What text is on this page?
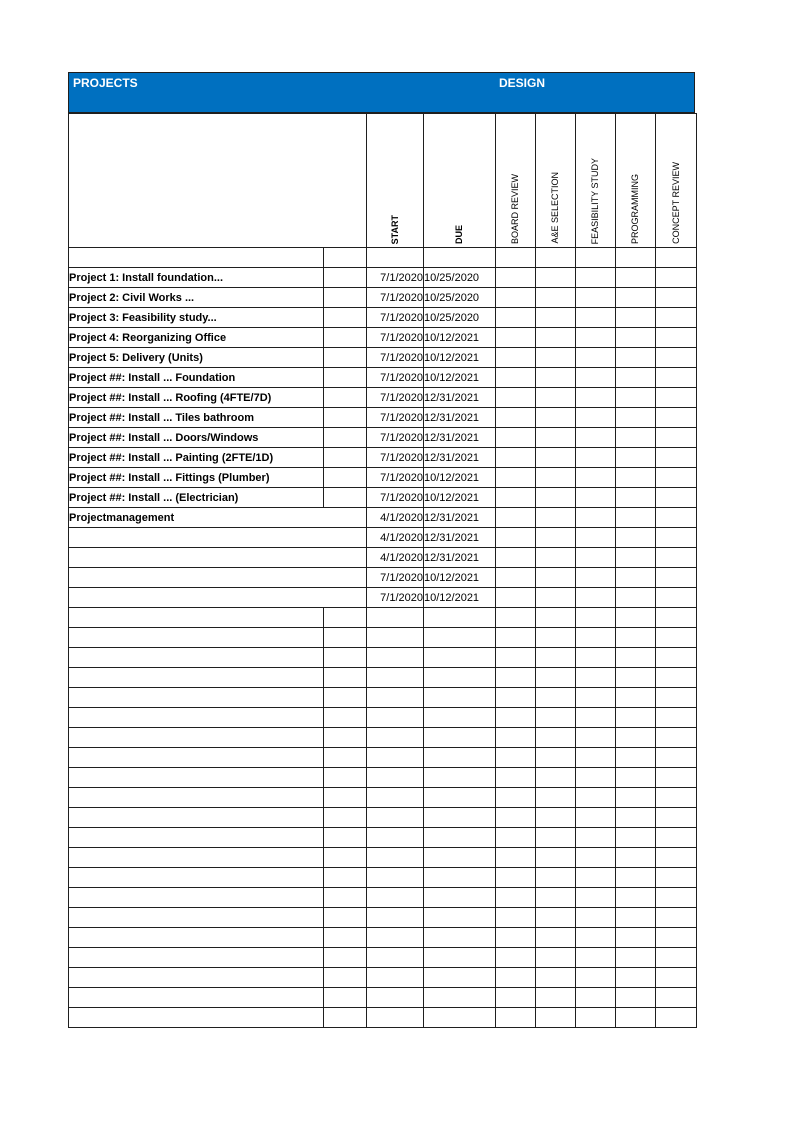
PROJECTS	DESIGN
		START	DUE	BOARD REVIEW	A&E SELECTION	FEASIBILITY STUDY	PROGRAMMING	CONCEPT REVIEW

Project 1: Install foundation...		7/1/2020	10/25/2020					
Project 2: Civil Works ...		7/1/2020	10/25/2020					
Project 3: Feasibility study...		7/1/2020	10/25/2020					
Project 4: Reorganizing Office		7/1/2020	10/12/2021					
Project 5: Delivery (Units)		7/1/2020	10/12/2021					
Project ##: Install ... Foundation		7/1/2020	10/12/2021					
Project ##: Install ... Roofing (4FTE/7D)		7/1/2020	12/31/2021					
Project ##: Install ... Tiles bathroom		7/1/2020	12/31/2021					
Project ##: Install ... Doors/Windows		7/1/2020	12/31/2021					
Project ##: Install ... Painting (2FTE/1D)		7/1/2020	12/31/2021					
Project ##: Install ... Fittings (Plumber)		7/1/2020	10/12/2021					
Project ##: Install ... (Electrician)		7/1/2020	10/12/2021					
Projectmanagement		4/1/2020	12/31/2021					
		4/1/2020	12/31/2021					
		4/1/2020	12/31/2021					
		7/1/2020	10/12/2021					
		7/1/2020	10/12/2021					
